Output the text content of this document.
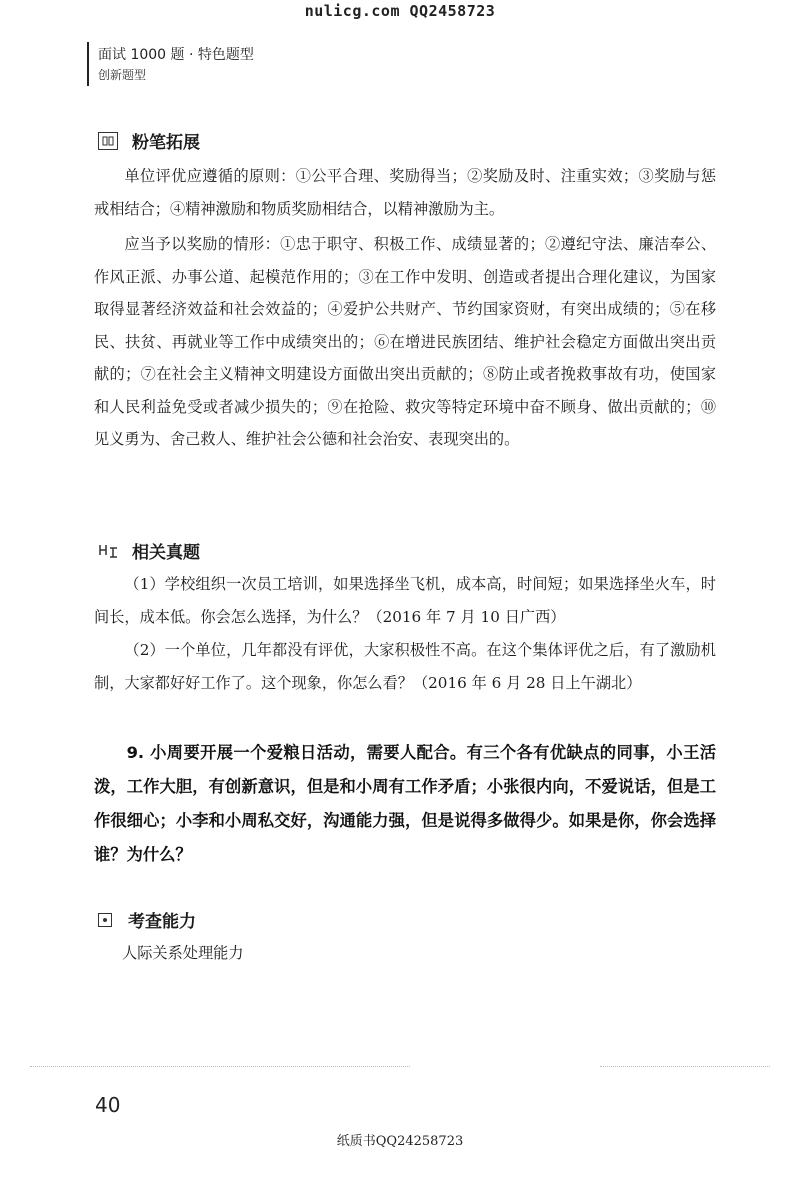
nulicg.com QQ2458723
面试 1000 题 · 特色题型
创新题型
粉笔拓展
单位评优应遵循的原则：①公平合理、奖励得当；②奖励及时、注重实效；③奖励与惩戒相结合；④精神激励和物质奖励相结合，以精神激励为主。
应当予以奖励的情形：①忠于职守、积极工作、成绩显著的；②遵纪守法、廉洁奉公、作风正派、办事公道、起模范作用的；③在工作中发明、创造或者提出合理化建议，为国家取得显著经济效益和社会效益的；④爱护公共财产、节约国家资财，有突出成绩的；⑤在移民、扶贫、再就业等工作中成绩突出的；⑥在增进民族团结、维护社会稳定方面做出突出贡献的；⑦在社会主义精神文明建设方面做出突出贡献的；⑧防止或者挽救事故有功，使国家和人民利益免受或者减少损失的；⑨在抢险、救灾等特定环境中奋不顾身、做出贡献的；⑩见义勇为、舍己救人、维护社会公德和社会治安、表现突出的。
相关真题
（1）学校组织一次员工培训，如果选择坐飞机，成本高，时间短；如果选择坐火车，时间长，成本低。你会怎么选择，为什么？（2016 年 7 月 10 日广西）
（2）一个单位，几年都没有评优，大家积极性不高。在这个集体评优之后，有了激励机制，大家都好好工作了。这个现象，你怎么看？（2016 年 6 月 28 日上午湖北）
9. 小周要开展一个爱粮日活动，需要人配合。有三个各有优缺点的同事，小王活泼，工作大胆，有创新意识，但是和小周有工作矛盾；小张很内向，不爱说话，但是工作很细心；小李和小周私交好，沟通能力强，但是说得多做得少。如果是你，你会选择谁？为什么？
考查能力
人际关系处理能力
40
纸质书QQ24258723
